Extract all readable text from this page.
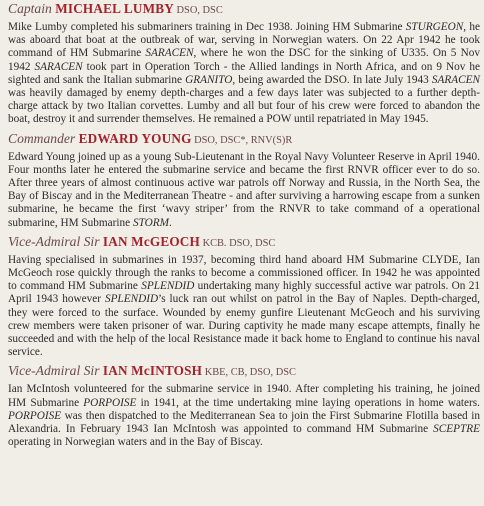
Captain MICHAEL LUMBY DSO, DSC

Mike Lumby completed his submariners training in Dec 1938. Joining HM Submarine STURGEON, he was aboard that boat at the outbreak of war, serving in Norwegian waters. On 22 Apr 1942 he took command of HM Submarine SARACEN, where he won the DSC for the sinking of U335. On 5 Nov 1942 SARACEN took part in Operation Torch - the Allied landings in North Africa, and on 9 Nov he sighted and sank the Italian submarine GRANITO, being awarded the DSO. In late July 1943 SARACEN was heavily damaged by enemy depth-charges and a few days later was subjected to a further depth-charge attack by two Italian corvettes. Lumby and all but four of his crew were forced to abandon the boat, destroy it and surrender themselves. He remained a POW until repatriated in May 1945.

Commander EDWARD YOUNG DSO, DSC*, RNV(S)R

Edward Young joined up as a young Sub-Lieutenant in the Royal Navy Volunteer Reserve in April 1940. Four months later he entered the submarine service and became the first RNVR officer ever to do so. After three years of almost continuous active war patrols off Norway and Russia, in the North Sea, the Bay of Biscay and in the Mediterranean Theatre - and after surviving a harrowing escape from a sunken submarine, he became the first ‘wavy striper’ from the RNVR to take command of a operational submarine, HM Submarine STORM.

Vice-Admiral Sir IAN McGEOCH KCB. DSO, DSC

Having specialised in submarines in 1937, becoming third hand aboard HM Submarine CLYDE, Ian McGeoch rose quickly through the ranks to become a commissioned officer. In 1942 he was appointed to command HM Submarine SPLENDID undertaking many highly successful active war patrols. On 21 April 1943 however SPLENDID’s luck ran out whilst on patrol in the Bay of Naples. Depth-charged, they were forced to the surface. Wounded by enemy gunfire Lieutenant McGeoch and his surviving crew members were taken prisoner of war. During captivity he made many escape attempts, finally he succeeded and with the help of the local Resistance made it back home to England to continue his naval service.

Vice-Admiral Sir IAN McINTOSH KBE, CB, DSO, DSC

Ian McIntosh volunteered for the submarine service in 1940. After completing his training, he joined HM Submarine PORPOISE in 1941, at the time undertaking mine laying operations in home waters. PORPOISE was then dispatched to the Mediterranean Sea to join the First Submarine Flotilla based in Alexandria. In February 1943 Ian McIntosh was appointed to command HM Submarine SCEPTRE operating in Norwegian waters and in the Bay of Biscay.
